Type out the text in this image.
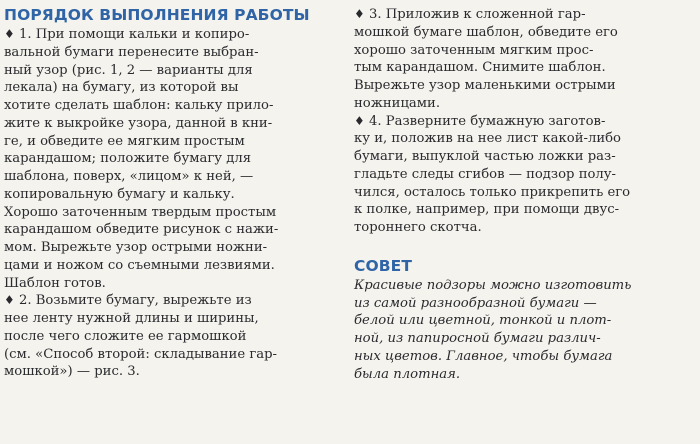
ПОРЯДОК ВЫПОЛНЕНИЯ РАБОТЫ
♦ 1. При помощи кальки и копиро-
вальной бумаги перенесите выбран-
ный узор (рис. 1, 2 — варианты для
лекала) на бумагу, из которой вы
хотите сделать шаблон: кальку прило-
жите к выкройке узора, данной в кни-
ге, и обведите ее мягким простым
карандашом; положите бумагу для
шаблона, поверх, «лицом» к ней, —
копировальную бумагу и кальку.
Хорошо заточенным твердым простым
карандашом обведите рисунок с нажи-
мом. Вырежьте узор острыми ножни-
цами и ножом со съемными лезвиями.
Шаблон готов.
♦ 2. Возьмите бумагу, вырежьте из
нее ленту нужной длины и ширины,
после чего сложите ее гармошкой
(см. «Способ второй: складывание гар-
мошкой») — рис. 3.
♦ 3. Приложив к сложенной гар-
мошкой бумаге шаблон, обведите его
хорошо заточенным мягким прос-
тым карандашом. Снимите шаблон.
Вырежьте узор маленькими острыми
ножницами.
♦ 4. Разверните бумажную заготов-
ку и, положив на нее лист какой-либо
бумаги, выпуклой частью ложки раз-
гладьте следы сгибов — подзор полу-
чился, осталось только прикрепить его
к полке, например, при помощи двус-
тороннего скотча.
СОВЕТ
Красивые подзоры можно изготовить
из самой разнообразной бумаги —
белой или цветной, тонкой и плот-
ной, из папиросной бумаги различ-
ных цветов. Главное, чтобы бумага
была плотная.
